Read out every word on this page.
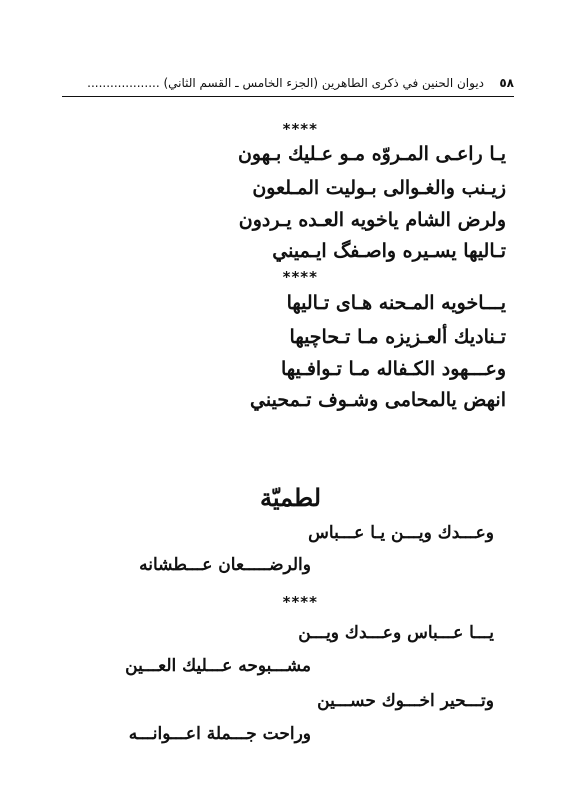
٥٨
ديوان الحنين في ذكرى الطاهرين (الجزء الخامس ـ القسم الثاني) ...................
****
يـا راعـى المـروّه مـو عـليك بـهون
زيـنب والغـوالى بـوليت المـلعون
ولرض الشام ياخويه العـده يـردون
تـاليها يسـيره واصـفگ ايـميني
****
يـــاخويه المـحنه هـاى تـاليها
تـناديك ألعـزيزه مـا تـحاچيها
وعـــهود الكـفاله مـا تـوافـيها
انهض يالمحامى وشـوف تـمحيني
لطميّة
وعـــدك ويـــن يـا عـــباس
والرضـــــعان عـــطشانه
****
يـــا عـــباس وعـــدك ويـــن
مشـــبوحه عـــليك العـــين
وتـــحير اخـــوك حســـين
وراحت جـــملة اعـــوانـــه
